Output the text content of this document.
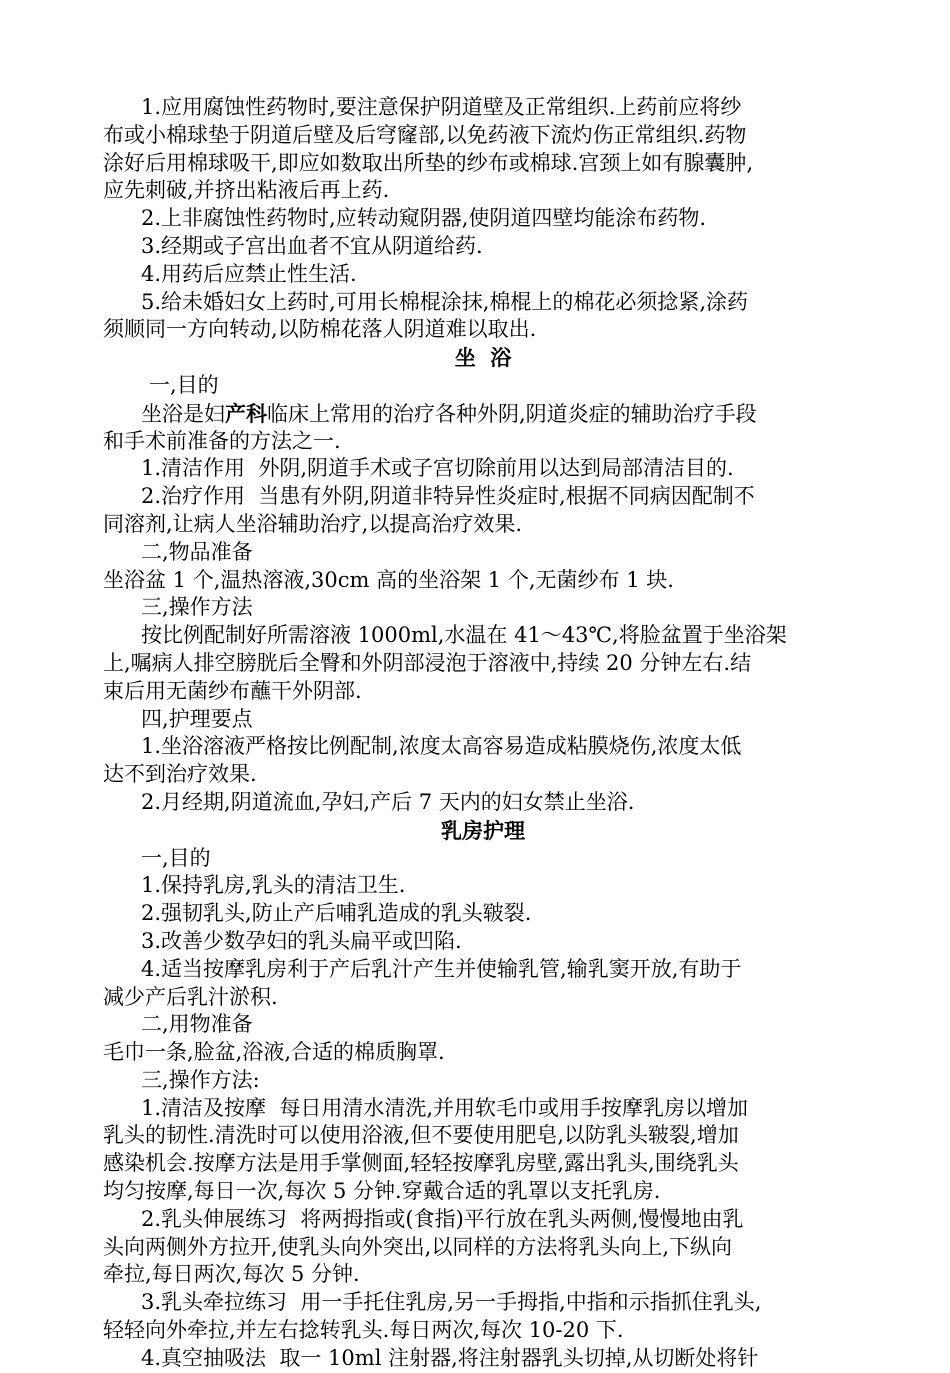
1.应用腐蚀性药物时,要注意保护阴道壁及正常组织.上药前应将纱
布或小棉球垫于阴道后壁及后穹窿部,以免药液下流灼伤正常组织.药物
涂好后用棉球吸干,即应如数取出所垫的纱布或棉球.宫颈上如有腺囊肿,
应先刺破,并挤出粘液后再上药.
2.上非腐蚀性药物时,应转动窥阴器,使阴道四壁均能涂布药物.
3.经期或子宫出血者不宜从阴道给药.
4.用药后应禁止性生活.
5.给未婚妇女上药时,可用长棉棍涂抹,棉棍上的棉花必须捻紧,涂药
须顺同一方向转动,以防棉花落人阴道难以取出.
坐  浴
一,目的
坐浴是妇产科临床上常用的治疗各种外阴,阴道炎症的辅助治疗手段
和手术前准备的方法之一.
1.清洁作用  外阴,阴道手术或子宫切除前用以达到局部清洁目的.
2.治疗作用  当患有外阴,阴道非特异性炎症时,根据不同病因配制不
同溶剂,让病人坐浴辅助治疗,以提高治疗效果.
二,物品准备
坐浴盆 1 个,温热溶液,30cm 高的坐浴架 1 个,无菌纱布 1 块.
三,操作方法
按比例配制好所需溶液 1000ml,水温在 41～43℃,将脸盆置于坐浴架
上,嘱病人排空膀胱后全臀和外阴部浸泡于溶液中,持续 20 分钟左右.结
束后用无菌纱布蘸干外阴部.
四,护理要点
1.坐浴溶液严格按比例配制,浓度太高容易造成粘膜烧伤,浓度太低
达不到治疗效果.
2.月经期,阴道流血,孕妇,产后 7 天内的妇女禁止坐浴.
乳房护理
一,目的
1.保持乳房,乳头的清洁卫生.
2.强韧乳头,防止产后哺乳造成的乳头皲裂.
3.改善少数孕妇的乳头扁平或凹陷.
4.适当按摩乳房利于产后乳汁产生并使输乳管,输乳窦开放,有助于
减少产后乳汁淤积.
二,用物准备
毛巾一条,脸盆,浴液,合适的棉质胸罩.
三,操作方法:
1.清洁及按摩  每日用清水清洗,并用软毛巾或用手按摩乳房以增加
乳头的韧性.清洗时可以使用浴液,但不要使用肥皂,以防乳头皲裂,增加
感染机会.按摩方法是用手掌侧面,轻轻按摩乳房壁,露出乳头,围绕乳头
均匀按摩,每日一次,每次 5 分钟.穿戴合适的乳罩以支托乳房.
2.乳头伸展练习  将两拇指或(食指)平行放在乳头两侧,慢慢地由乳
头向两侧外方拉开,使乳头向外突出,以同样的方法将乳头向上,下纵向
牵拉,每日两次,每次 5 分钟.
3.乳头牵拉练习  用一手托住乳房,另一手拇指,中指和示指抓住乳头,
轻轻向外牵拉,并左右捻转乳头.每日两次,每次 10-20 下.
4.真空抽吸法  取一 10ml 注射器,将注射器乳头切掉,从切断处将针
